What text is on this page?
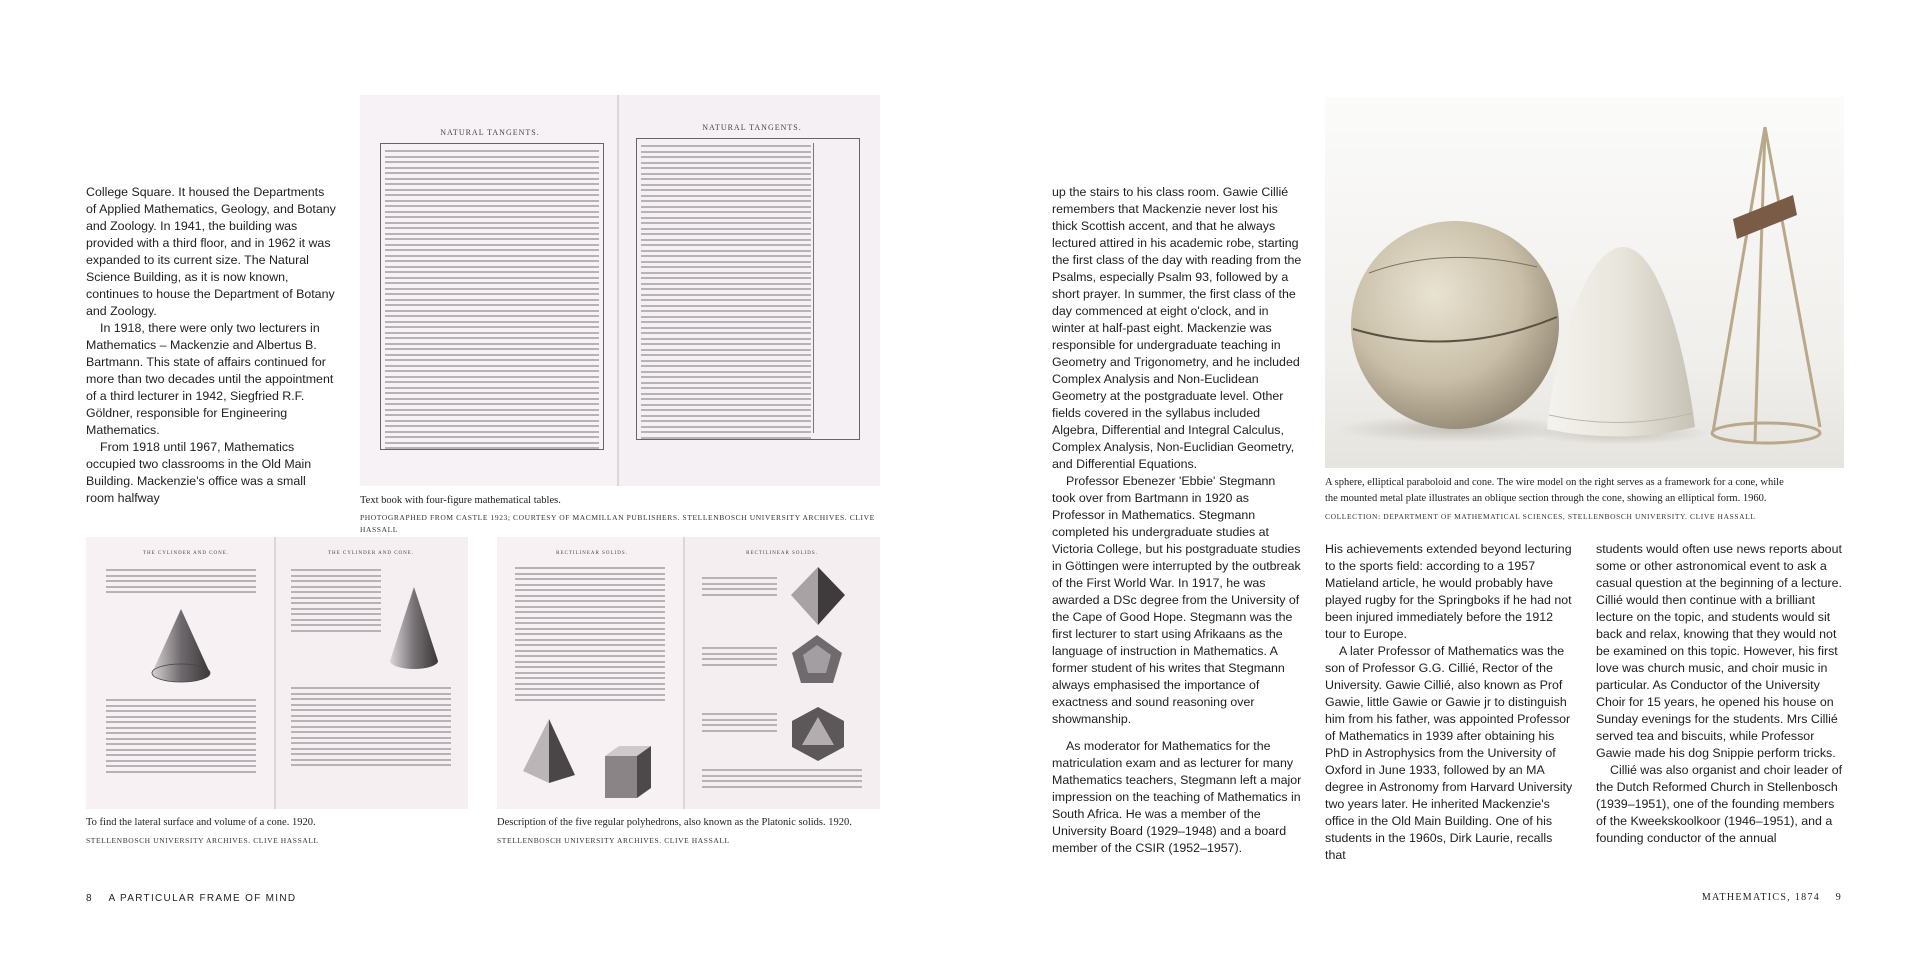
College Square. It housed the Departments of Applied Mathematics, Geology, and Botany and Zoology. In 1941, the building was provided with a third floor, and in 1962 it was expanded to its current size. The Natural Science Building, as it is now known, continues to house the Department of Botany and Zoology.

In 1918, there were only two lecturers in Mathematics – Mackenzie and Albertus B. Bartmann. This state of affairs continued for more than two decades until the appointment of a third lecturer in 1942, Siegfried R.F. Göldner, responsible for Engineering Mathematics.

From 1918 until 1967, Mathematics occupied two classrooms in the Old Main Building. Mackenzie's office was a small room halfway

NATURAL TANGENTS.
NATURAL TANGENTS.

Text book with four-figure mathematical tables.

PHOTOGRAPHED FROM CASTLE 1923; COURTESY OF MACMILLAN PUBLISHERS. STELLENBOSCH UNIVERSITY ARCHIVES. CLIVE HASSALL

THE CYLINDER AND CONE.	THE CYLINDER AND CONE.

To find the lateral surface and volume of a cone. 1920.

STELLENBOSCH UNIVERSITY ARCHIVES. CLIVE HASSALL

RECTILINEAR SOLIDS.	RECTILINEAR SOLIDS.

Description of the five regular polyhedrons, also known as the Platonic solids. 1920.

STELLENBOSCH UNIVERSITY ARCHIVES. CLIVE HASSALL

8 A PARTICULAR FRAME OF MIND

up the stairs to his class room. Gawie Cillié remembers that Mackenzie never lost his thick Scottish accent, and that he always lectured attired in his academic robe, starting the first class of the day with reading from the Psalms, especially Psalm 93, followed by a short prayer. In summer, the first class of the day commenced at eight o'clock, and in winter at half-past eight. Mackenzie was responsible for undergraduate teaching in Geometry and Trigonometry, and he included Complex Analysis and Non-Euclidean Geometry at the postgraduate level. Other fields covered in the syllabus included Algebra, Differential and Integral Calculus, Complex Analysis, Non-Euclidian Geometry, and Differential Equations.

Professor Ebenezer 'Ebbie' Stegmann took over from Bartmann in 1920 as Professor in Mathematics. Stegmann completed his undergraduate studies at Victoria College, but his postgraduate studies in Göttingen were interrupted by the outbreak of the First World War. In 1917, he was awarded a DSc degree from the University of the Cape of Good Hope. Stegmann was the first lecturer to start using Afrikaans as the language of instruction in Mathematics. A former student of his writes that Stegmann always emphasised the importance of exactness and sound reasoning over showmanship.

As moderator for Mathematics for the matriculation exam and as lecturer for many Mathematics teachers, Stegmann left a major impression on the teaching of Mathematics in South Africa. He was a member of the University Board (1929–1948) and a board member of the CSIR (1952–1957).

A sphere, elliptical paraboloid and cone. The wire model on the right serves as a framework for a cone, while the mounted metal plate illustrates an oblique section through the cone, showing an elliptical form. 1960.

COLLECTION: DEPARTMENT OF MATHEMATICAL SCIENCES, STELLENBOSCH UNIVERSITY. CLIVE HASSALL

His achievements extended beyond lecturing to the sports field: according to a 1957 Matieland article, he would probably have played rugby for the Springboks if he had not been injured immediately before the 1912 tour to Europe.

A later Professor of Mathematics was the son of Professor G.G. Cillié, Rector of the University. Gawie Cillié, also known as Prof Gawie, little Gawie or Gawie jr to distinguish him from his father, was appointed Professor of Mathematics in 1939 after obtaining his PhD in Astrophysics from the University of Oxford in June 1933, followed by an MA degree in Astronomy from Harvard University two years later. He inherited Mackenzie's office in the Old Main Building. One of his students in the 1960s, Dirk Laurie, recalls that

students would often use news reports about some or other astronomical event to ask a casual question at the beginning of a lecture. Cillié would then continue with a brilliant lecture on the topic, and students would sit back and relax, knowing that they would not be examined on this topic. However, his first love was church music, and choir music in particular. As Conductor of the University Choir for 15 years, he opened his house on Sunday evenings for the students. Mrs Cillié served tea and biscuits, while Professor Gawie made his dog Snippie perform tricks.

Cillié was also organist and choir leader of the Dutch Reformed Church in Stellenbosch (1939–1951), one of the founding members of the Kweekskoolkoor (1946–1951), and a founding conductor of the annual

MATHEMATICS, 1874 9
